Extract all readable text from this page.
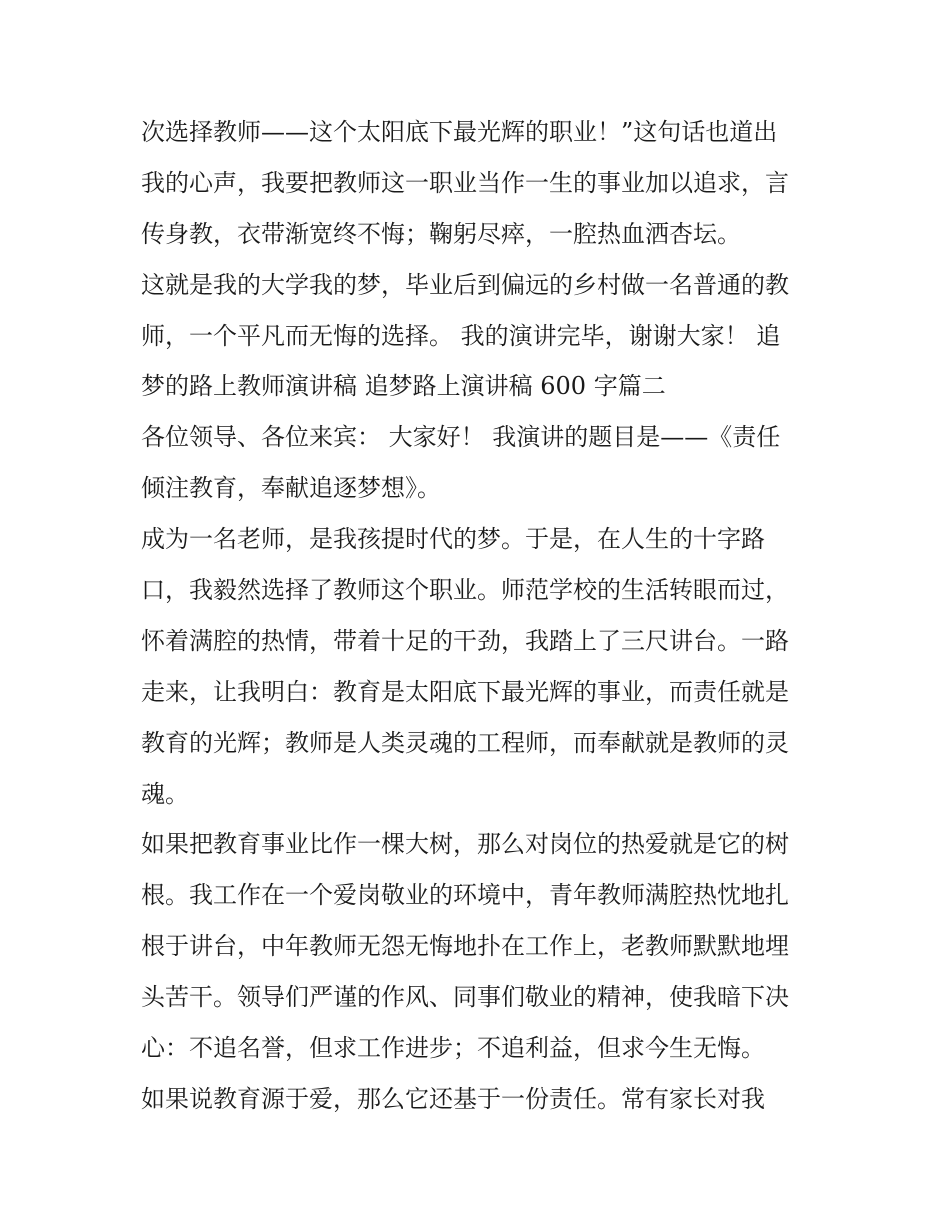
次选择教师——这个太阳底下最光辉的职业！”这句话也道出
我的心声，我要把教师这一职业当作一生的事业加以追求，言
传身教，衣带渐宽终不悔；鞠躬尽瘁，一腔热血洒杏坛。
这就是我的大学我的梦，毕业后到偏远的乡村做一名普通的教
师，一个平凡而无悔的选择。 我的演讲完毕，谢谢大家！ 追
梦的路上教师演讲稿 追梦路上演讲稿 600 字篇二
各位领导、各位来宾： 大家好！ 我演讲的题目是——《责任
倾注教育，奉献追逐梦想》。
成为一名老师，是我孩提时代的梦。于是，在人生的十字路
口，我毅然选择了教师这个职业。师范学校的生活转眼而过，
怀着满腔的热情，带着十足的干劲，我踏上了三尺讲台。一路
走来，让我明白：教育是太阳底下最光辉的事业，而责任就是
教育的光辉；教师是人类灵魂的工程师，而奉献就是教师的灵
魂。
如果把教育事业比作一棵大树，那么对岗位的热爱就是它的树
根。我工作在一个爱岗敬业的环境中，青年教师满腔热忱地扎
根于讲台，中年教师无怨无悔地扑在工作上，老教师默默地埋
头苦干。领导们严谨的作风、同事们敬业的精神，使我暗下决
心：不追名誉，但求工作进步；不追利益，但求今生无悔。
如果说教育源于爱，那么它还基于一份责任。常有家长对我
